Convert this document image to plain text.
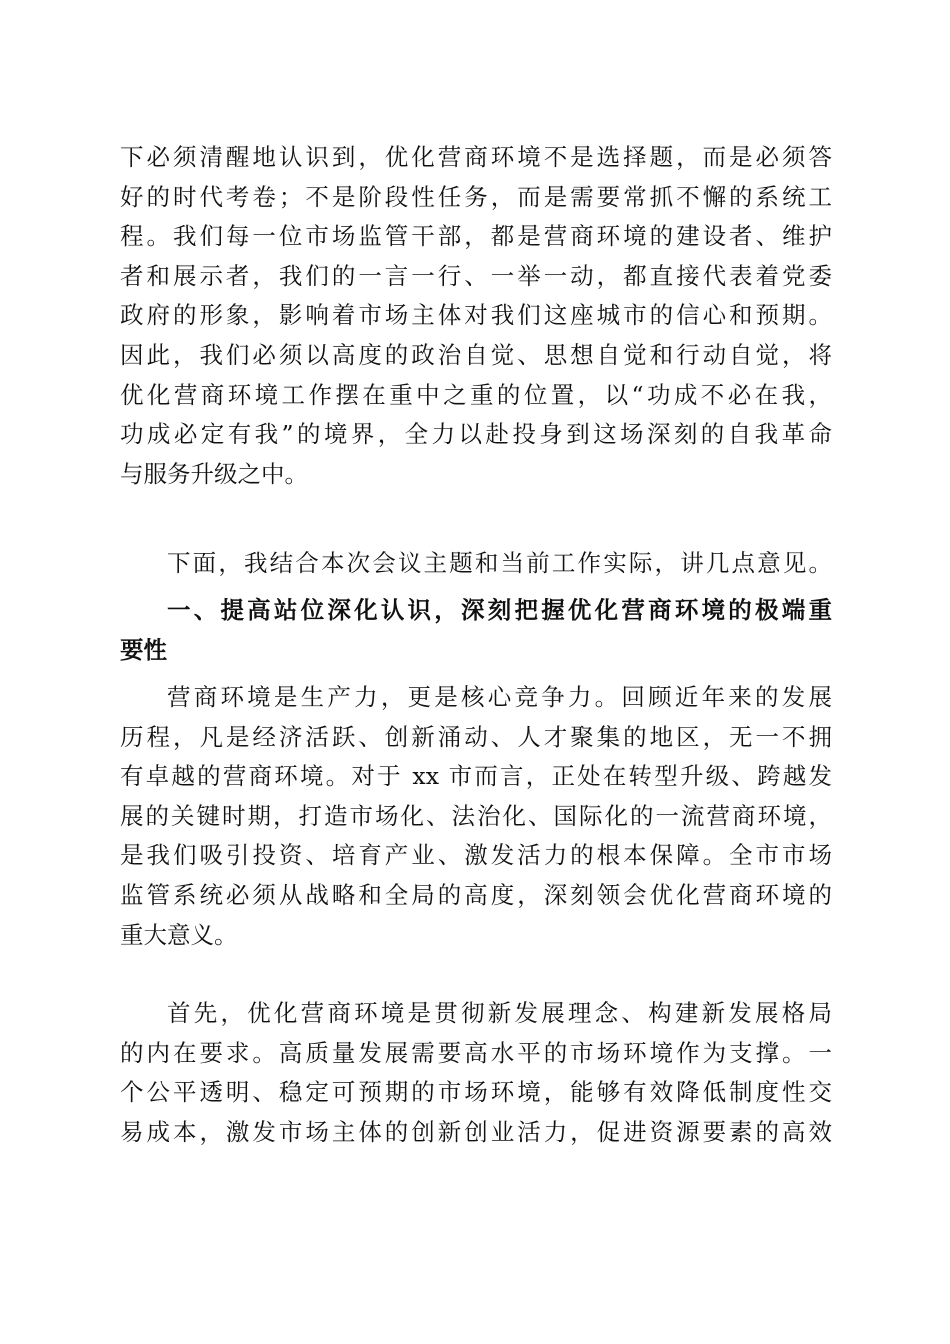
下必须清醒地认识到，优化营商环境不是选择题，而是必须答
好的时代考卷；不是阶段性任务，而是需要常抓不懈的系统工
程。我们每一位市场监管干部，都是营商环境的建设者、维护
者和展示者，我们的一言一行、一举一动，都直接代表着党委
政府的形象，影响着市场主体对我们这座城市的信心和预期。
因此，我们必须以高度的政治自觉、思想自觉和行动自觉，将
优化营商环境工作摆在重中之重的位置，以“功成不必在我，
功成必定有我”的境界，全力以赴投身到这场深刻的自我革命
与服务升级之中。
下面，我结合本次会议主题和当前工作实际，讲几点意见。
一、提高站位深化认识，深刻把握优化营商环境的极端重
要性
营商环境是生产力，更是核心竞争力。回顾近年来的发展
历程，凡是经济活跃、创新涌动、人才聚集的地区，无一不拥
有卓越的营商环境。对于 xx 市而言，正处在转型升级、跨越发
展的关键时期，打造市场化、法治化、国际化的一流营商环境，
是我们吸引投资、培育产业、激发活力的根本保障。全市市场
监管系统必须从战略和全局的高度，深刻领会优化营商环境的
重大意义。
首先，优化营商环境是贯彻新发展理念、构建新发展格局
的内在要求。高质量发展需要高水平的市场环境作为支撑。一
个公平透明、稳定可预期的市场环境，能够有效降低制度性交
易成本，激发市场主体的创新创业活力，促进资源要素的高效
